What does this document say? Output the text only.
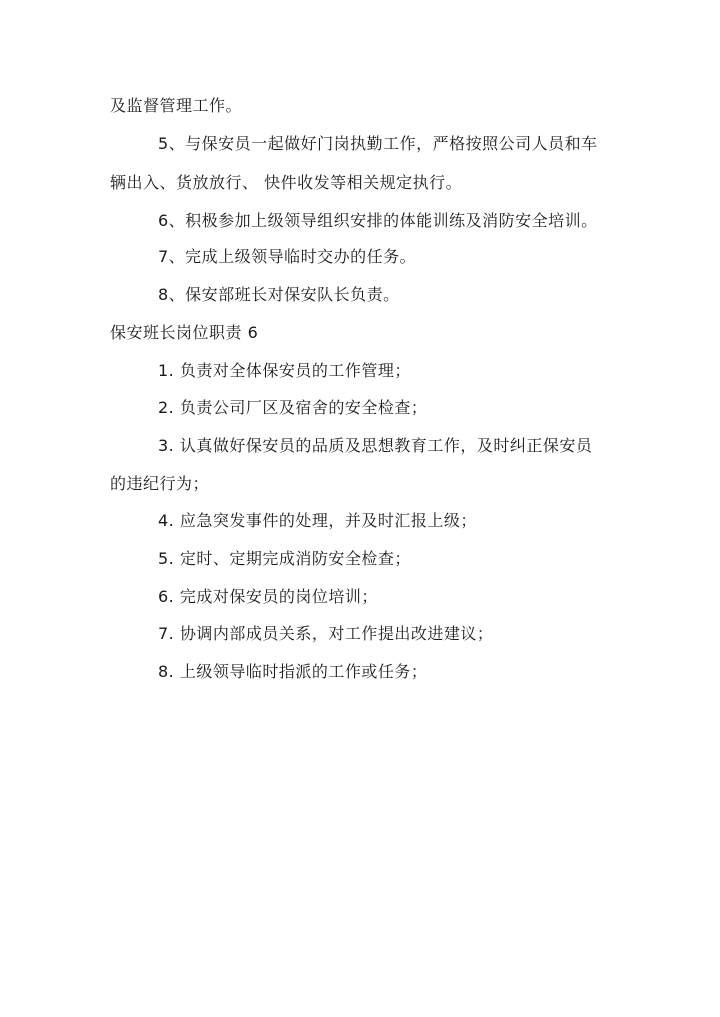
及监督管理工作。
5、与保安员一起做好门岗执勤工作，严格按照公司人员和车
辆出入、货放放行、 快件收发等相关规定执行。
6、积极参加上级领导组织安排的体能训练及消防安全培训。
7、完成上级领导临时交办的任务。
8、保安部班长对保安队长负责。
保安班长岗位职责 6
1. 负责对全体保安员的工作管理；
2. 负责公司厂区及宿舍的安全检查；
3. 认真做好保安员的品质及思想教育工作，及时纠正保安员
的违纪行为；
4. 应急突发事件的处理，并及时汇报上级；
5. 定时、定期完成消防安全检查；
6. 完成对保安员的岗位培训；
7. 协调内部成员关系，对工作提出改进建议；
8. 上级领导临时指派的工作或任务；
